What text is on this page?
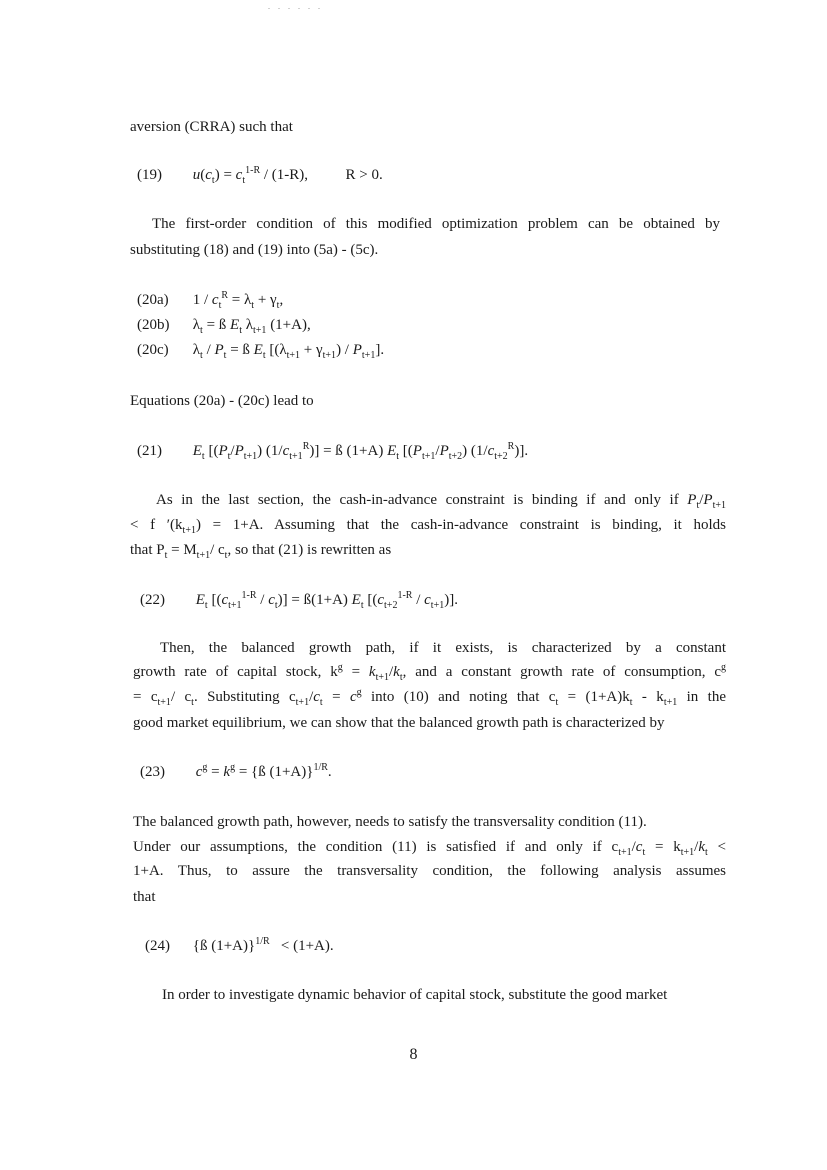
. . . . . .
aversion (CRRA) such that
(19) $u(c_t) = c_t^{1-R} / (1-R)$,          R > 0.
The first-order condition of this modified optimization problem can be obtained by
substituting (18) and (19) into (5a) - (5c).
(20a) $1 / c_t^R = \lambda_t + \gamma_t$,
(20b) $\lambda_t$ = ß $E_t$ $\lambda_{t+1}$ (1+A),
(20c) $\lambda_t / P_t$ = ß $E_t$ $[(\lambda_{t+1} + \gamma_{t+1}) / P_{t+1}]$.
Equations (20a) - (20c) lead to
(21) $E_t$ $[(P_t/P_{t+1}) (1/c_{t+1}^R)]$ = ß (1+A) $E_t$ [$(P_{t+1}/P_{t+2})$ $(1/c_{t+2}^R)$].
As in the last section, the cash-in-advance constraint is binding if and only if $P_t/P_{t+1}$
< f $'(k_{t+1}) = 1+A$. Assuming that the cash-in-advance constraint is binding, it holds
that $P_t = M_{t+1}/$ $c_t$, so that (21) is rewritten as
(22) $E_t$ $[(c_{t+1}^{1-R} / c_t)]$ = ß(1+A) $E_t$ $[(c_{t+2}^{1-R} / c_{t+1})]$.
Then, the balanced growth path, if it exists, is characterized by a constant
growth rate of capital stock, $k^g = k_{t+1}/k_t$, and a constant growth rate of consumption, $c^g$
= $c_{t+1}/$ $c_t$. Substituting $c_{t+1}/c_t = c^g$ into (10) and noting that $c_t = (1+A)k_t - k_{t+1}$ in the
good market equilibrium, we can show that the balanced growth path is characterized by
(23) $c^g = k^g$ = {ß (1+A)}$^{1/R}$.
The balanced growth path, however, needs to satisfy the transversality condition (11).
Under our assumptions, the condition (11) is satisfied if and only if $c_{t+1}/c_t = k_{t+1}/k_t$ <
1+A. Thus, to assure the transversality condition, the following analysis assumes
that
(24) {ß (1+A)}$^{1/R}$   < (1+A).
In order to investigate dynamic behavior of capital stock, substitute the good market
8
